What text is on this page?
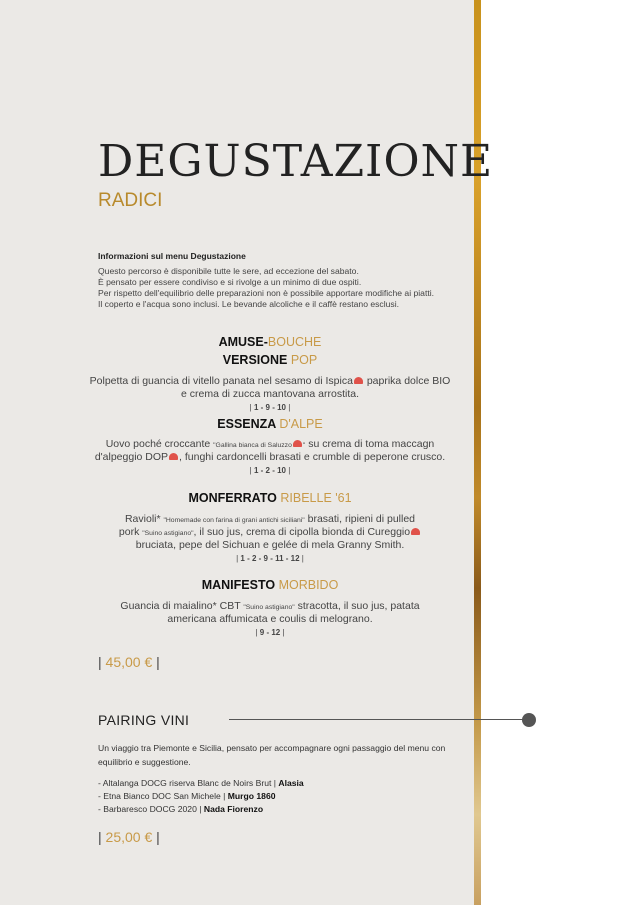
DEGUSTAZIONE
RADICI
Informazioni sul menu Degustazione
Questo percorso è disponibile tutte le sere, ad eccezione del sabato.
È pensato per essere condiviso e si rivolge a un minimo di due ospiti.
Per rispetto dell'equilibrio delle preparazioni non è possibile apportare modifiche ai piatti.
Il coperto e l'acqua sono inclusi. Le bevande alcoliche e il caffè restano esclusi.
AMUSE-BOUCHE
VERSIONE POP
Polpetta di guancia di vitello panata nel sesamo di Ispica paprika dolce BIO
e crema di zucca mantovana arrostita.
| 1 - 9 - 10 |
ESSENZA D'ALPE
Uovo poché croccante "Gallina bianca di Saluzzo " su crema di toma maccagn
d'alpeggio DOP , funghi cardoncelli brasati e crumble di peperone crusco.
| 1 - 2 - 10 |
MONFERRATO RIBELLE '61
Ravioli* "Homemade con farina di grani antichi siciliani" brasati, ripieni di pulled
pork "Suino astigiano", il suo jus, crema di cipolla bionda di Cureggio
bruciata, pepe del Sichuan e gelée di mela Granny Smith.
| 1 - 2 - 9 - 11 - 12 |
MANIFESTO MORBIDO
Guancia di maialino* CBT "Suino astigiano" stracotta, il suo jus, patata
americana affumicata e coulis di melograno.
| 9 - 12 |
| 45,00 € |
PAIRING VINI
Un viaggio tra Piemonte e Sicilia, pensato per accompagnare ogni passaggio del menu con equilibrio e suggestione.
- Altalanga DOCG riserva Blanc de Noirs Brut | Alasia
- Etna Bianco DOC San Michele | Murgo 1860
- Barbaresco DOCG 2020 | Nada Fiorenzo
| 25,00 € |
